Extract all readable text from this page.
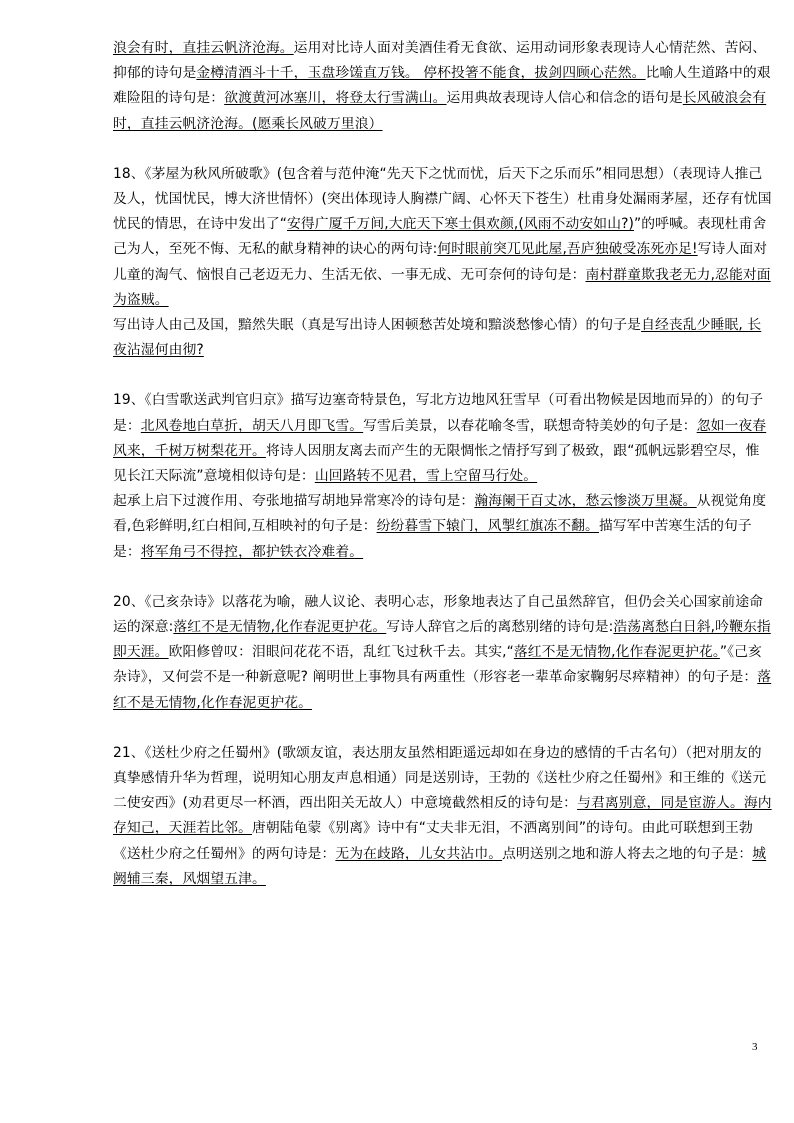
浪会有时，直挂云帆济沧海。运用对比诗人面对美酒佳肴无食欲、运用动词形象表现诗人心情茫然、苦闷、抑郁的诗句是金樽清酒斗十千，玉盘珍馐直万钱。 停杯投箸不能食，拔剑四顾心茫然。比喻人生道路中的艰难险阻的诗句是：欲渡黄河冰塞川，将登太行雪满山。运用典故表现诗人信心和信念的语句是长风破浪会有时，直挂云帆济沧海。(愿乘长风破万里浪）

18、《茅屋为秋风所破歌》(包含着与范仲淹“先天下之忧而忧，后天下之乐而乐”相同思想）（表现诗人推己及人，忧国忧民，博大济世情怀）(突出体现诗人胸襟广阔、心怀天下苍生）杜甫身处漏雨茅屋，还存有忧国忧民的情思，在诗中发出了“安得广厦千万间,大庇天下寒士俱欢颜,(风雨不动安如山?)”的呼喊。表现杜甫舍己为人，至死不悔、无私的献身精神的诀心的两句诗:何时眼前突兀见此屋,吾庐独破受冻死亦足!写诗人面对儿童的淘气、恼恨自己老迈无力、生活无依、一事无成、无可奈何的诗句是：南村群童欺我老无力,忍能对面为盗贼。

写出诗人由己及国，黯然失眠（真是写出诗人困顿愁苦处境和黯淡愁惨心情）的句子是自经丧乱少睡眠, 长夜沾湿何由彻?

19、《白雪歌送武判官归京》描写边塞奇特景色，写北方边地风狂雪早（可看出物候是因地而异的）的句子是：北风卷地白草折，胡天八月即飞雪。写雪后美景，以春花喻冬雪，联想奇特美妙的句子是：忽如一夜春风来，千树万树梨花开。将诗人因朋友离去而产生的无限惆怅之情抒写到了极致，跟“孤帆远影碧空尽，惟见长江天际流”意境相似诗句是：山回路转不见君，雪上空留马行处。

起承上启下过渡作用、夸张地描写胡地异常寒冷的诗句是：瀚海阑干百丈冰，愁云惨淡万里凝。从视觉角度看,色彩鲜明,红白相间,互相映衬的句子是：纷纷暮雪下辕门，风掣红旗冻不翻。描写军中苦寒生活的句子是：将军角弓不得控，都护铁衣冷难着。

20、《己亥杂诗》以落花为喻，融人议论、表明心志，形象地表达了自己虽然辞官，但仍会关心国家前途命运的深意:落红不是无情物,化作春泥更护花。写诗人辞官之后的离愁别绪的诗句是:浩荡离愁白日斜,吟鞭东指即天涯。欧阳修曾叹：泪眼问花花不语，乱红飞过秋千去。其实,“落红不是无情物,化作春泥更护花。”《己亥杂诗》，又何尝不是一种新意呢? 阐明世上事物具有两重性（形容老一辈革命家鞠躬尽瘁精神）的句子是：落红不是无情物,化作春泥更护花。

21、《送杜少府之任蜀州》(歌颂友谊，表达朋友虽然相距遥远却如在身边的感情的千古名句）（把对朋友的真挚感情升华为哲理，说明知心朋友声息相通）同是送别诗，王勃的《送杜少府之任蜀州》和王维的《送元二使安西》(劝君更尽一杯酒，西出阳关无故人）中意境截然相反的诗句是：与君离别意，同是宦游人。海内存知己，天涯若比邻。唐朝陆龟蒙《别离》诗中有“丈夫非无泪，不洒离别间”的诗句。由此可联想到王勃《送杜少府之任蜀州》的两句诗是：无为在歧路，儿女共沾巾。点明送别之地和游人将去之地的句子是：城阙辅三秦，风烟望五津。

3
